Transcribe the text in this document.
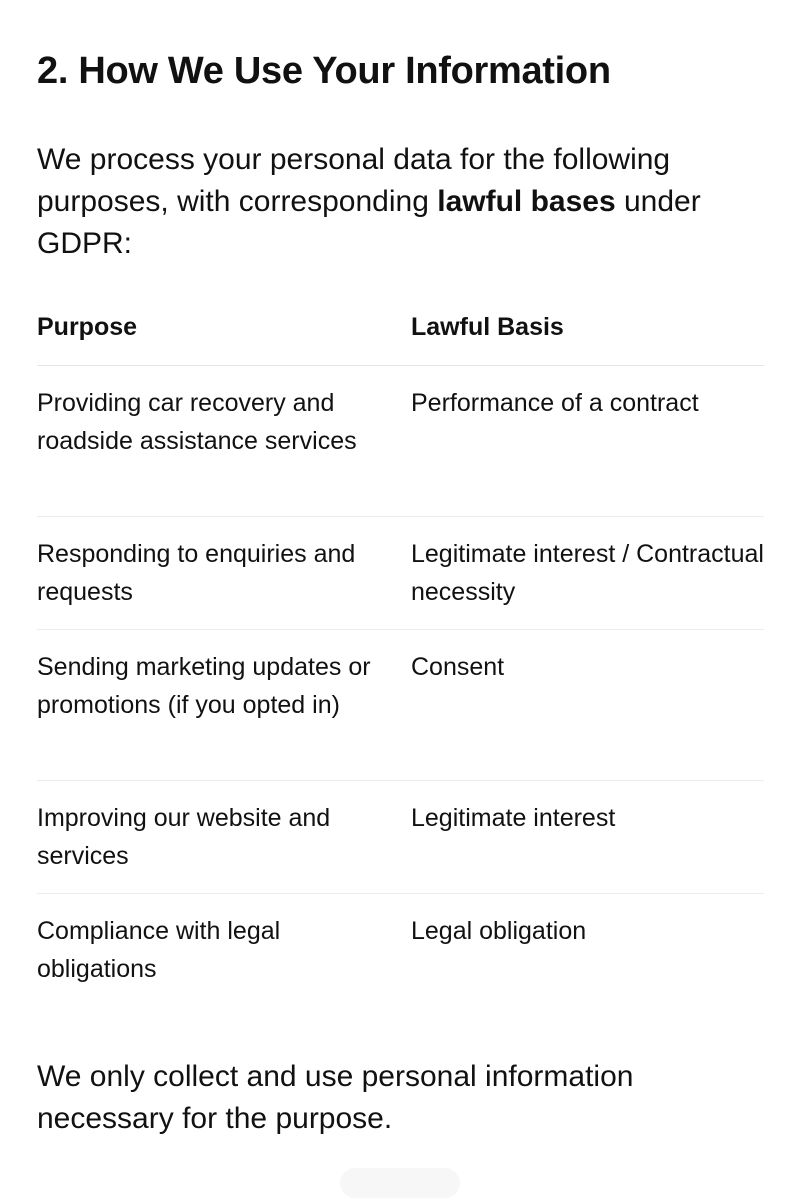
2. How We Use Your Information

We process your personal data for the following purposes, with corresponding lawful bases under GDPR:

Purpose	Lawful Basis
Providing car recovery and roadside assistance services
Performance of a contract
Responding to enquiries and requests
Legitimate interest / Contractual necessity
Sending marketing updates or promotions (if you opted in)
Consent
Improving our website and services
Legitimate interest
Compliance with legal obligations
Legal obligation

We only collect and use personal information necessary for the purpose.
